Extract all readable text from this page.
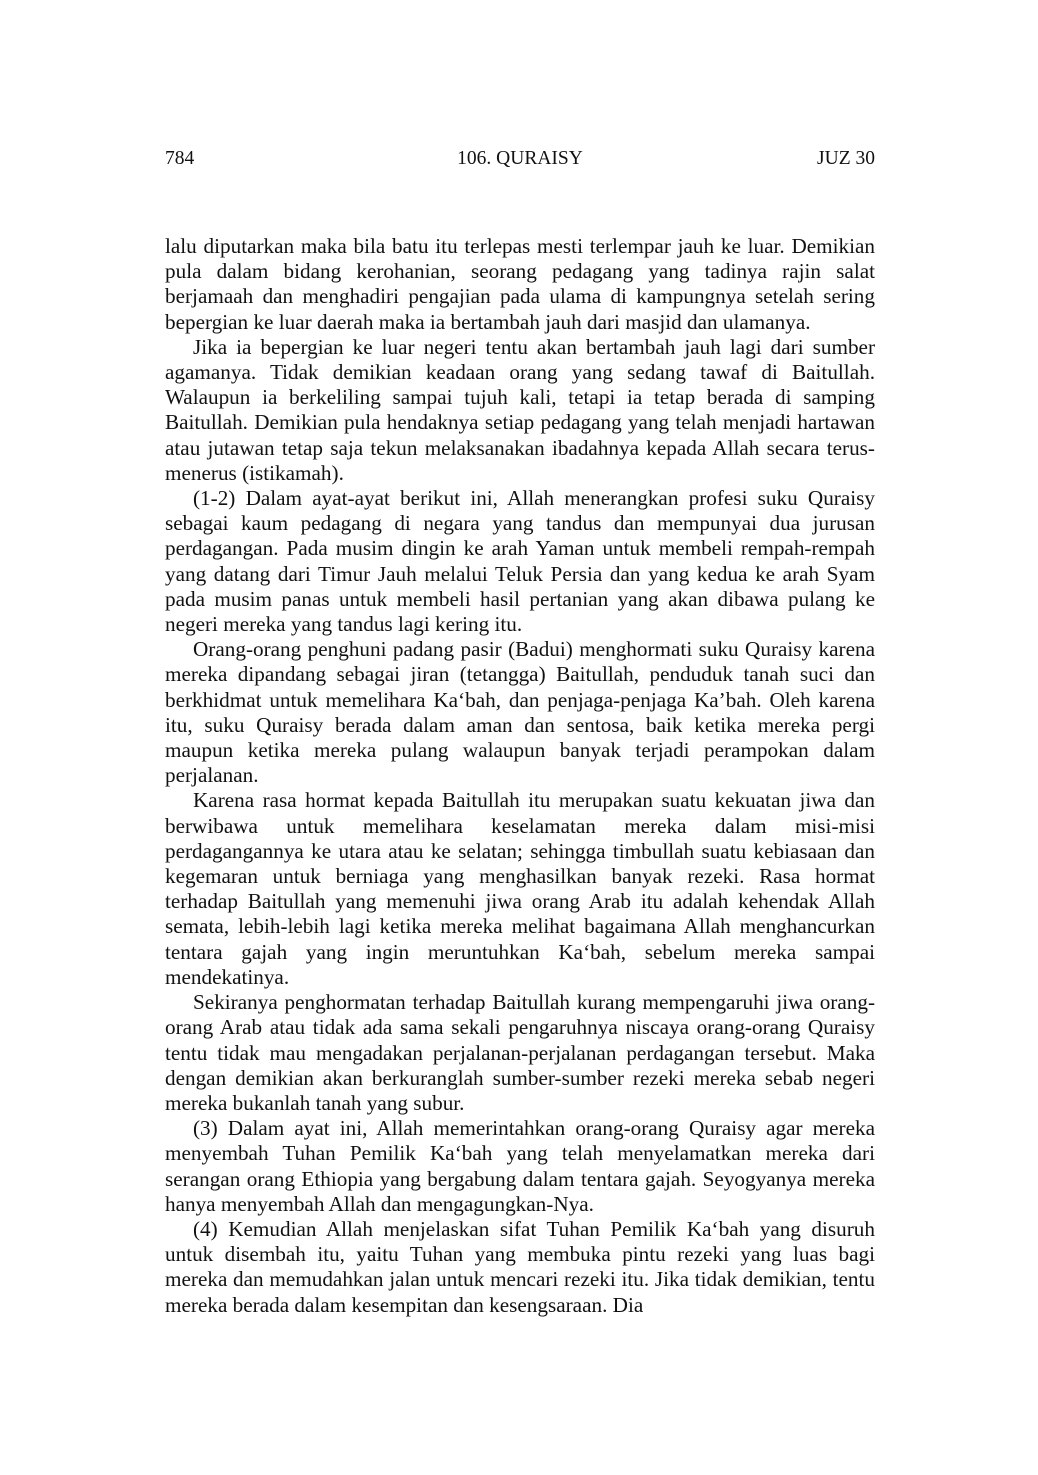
106. QURAISY
784	JUZ 30

lalu diputarkan maka bila batu itu terlepas mesti terlempar jauh ke luar. Demikian pula dalam bidang kerohanian, seorang pedagang yang tadinya rajin salat berjamaah dan menghadiri pengajian pada ulama di kampungnya setelah sering bepergian ke luar daerah maka ia bertambah jauh dari masjid dan ulamanya.

Jika ia bepergian ke luar negeri tentu akan bertambah jauh lagi dari sumber agamanya. Tidak demikian keadaan orang yang sedang tawaf di Baitullah. Walaupun ia berkeliling sampai tujuh kali, tetapi ia tetap berada di samping Baitullah. Demikian pula hendaknya setiap pedagang yang telah menjadi hartawan atau jutawan tetap saja tekun melaksanakan ibadahnya kepada Allah secara terus-menerus (istikamah).

(1-2) Dalam ayat-ayat berikut ini, Allah menerangkan profesi suku Quraisy sebagai kaum pedagang di negara yang tandus dan mempunyai dua jurusan perdagangan. Pada musim dingin ke arah Yaman untuk membeli rempah-rempah yang datang dari Timur Jauh melalui Teluk Persia dan yang kedua ke arah Syam pada musim panas untuk membeli hasil pertanian yang akan dibawa pulang ke negeri mereka yang tandus lagi kering itu.

Orang-orang penghuni padang pasir (Badui) menghormati suku Quraisy karena mereka dipandang sebagai jiran (tetangga) Baitullah, penduduk tanah suci dan berkhidmat untuk memelihara Ka‘bah, dan penjaga-penjaga Ka’bah. Oleh karena itu, suku Quraisy berada dalam aman dan sentosa, baik ketika mereka pergi maupun ketika mereka pulang walaupun banyak terjadi perampokan dalam perjalanan.

Karena rasa hormat kepada Baitullah itu merupakan suatu kekuatan jiwa dan berwibawa untuk memelihara keselamatan mereka dalam misi-misi perdagangannya ke utara atau ke selatan; sehingga timbullah suatu kebiasaan dan kegemaran untuk berniaga yang menghasilkan banyak rezeki. Rasa hormat terhadap Baitullah yang memenuhi jiwa orang Arab itu adalah kehendak Allah semata, lebih-lebih lagi ketika mereka melihat bagaimana Allah menghancurkan tentara gajah yang ingin meruntuhkan Ka‘bah, sebelum mereka sampai mendekatinya.

Sekiranya penghormatan terhadap Baitullah kurang mempengaruhi jiwa orang-orang Arab atau tidak ada sama sekali pengaruhnya niscaya orang-orang Quraisy tentu tidak mau mengadakan perjalanan-perjalanan perdagangan tersebut. Maka dengan demikian akan berkuranglah sumber-sumber rezeki mereka sebab negeri mereka bukanlah tanah yang subur.

(3) Dalam ayat ini, Allah memerintahkan orang-orang Quraisy agar mereka menyembah Tuhan Pemilik Ka‘bah yang telah menyelamatkan mereka dari serangan orang Ethiopia yang bergabung dalam tentara gajah. Seyogyanya mereka hanya menyembah Allah dan mengagungkan-Nya.

(4) Kemudian Allah menjelaskan sifat Tuhan Pemilik Ka‘bah yang disuruh untuk disembah itu, yaitu Tuhan yang membuka pintu rezeki yang luas bagi mereka dan memudahkan jalan untuk mencari rezeki itu. Jika tidak demikian, tentu mereka berada dalam kesempitan dan kesengsaraan. Dia
